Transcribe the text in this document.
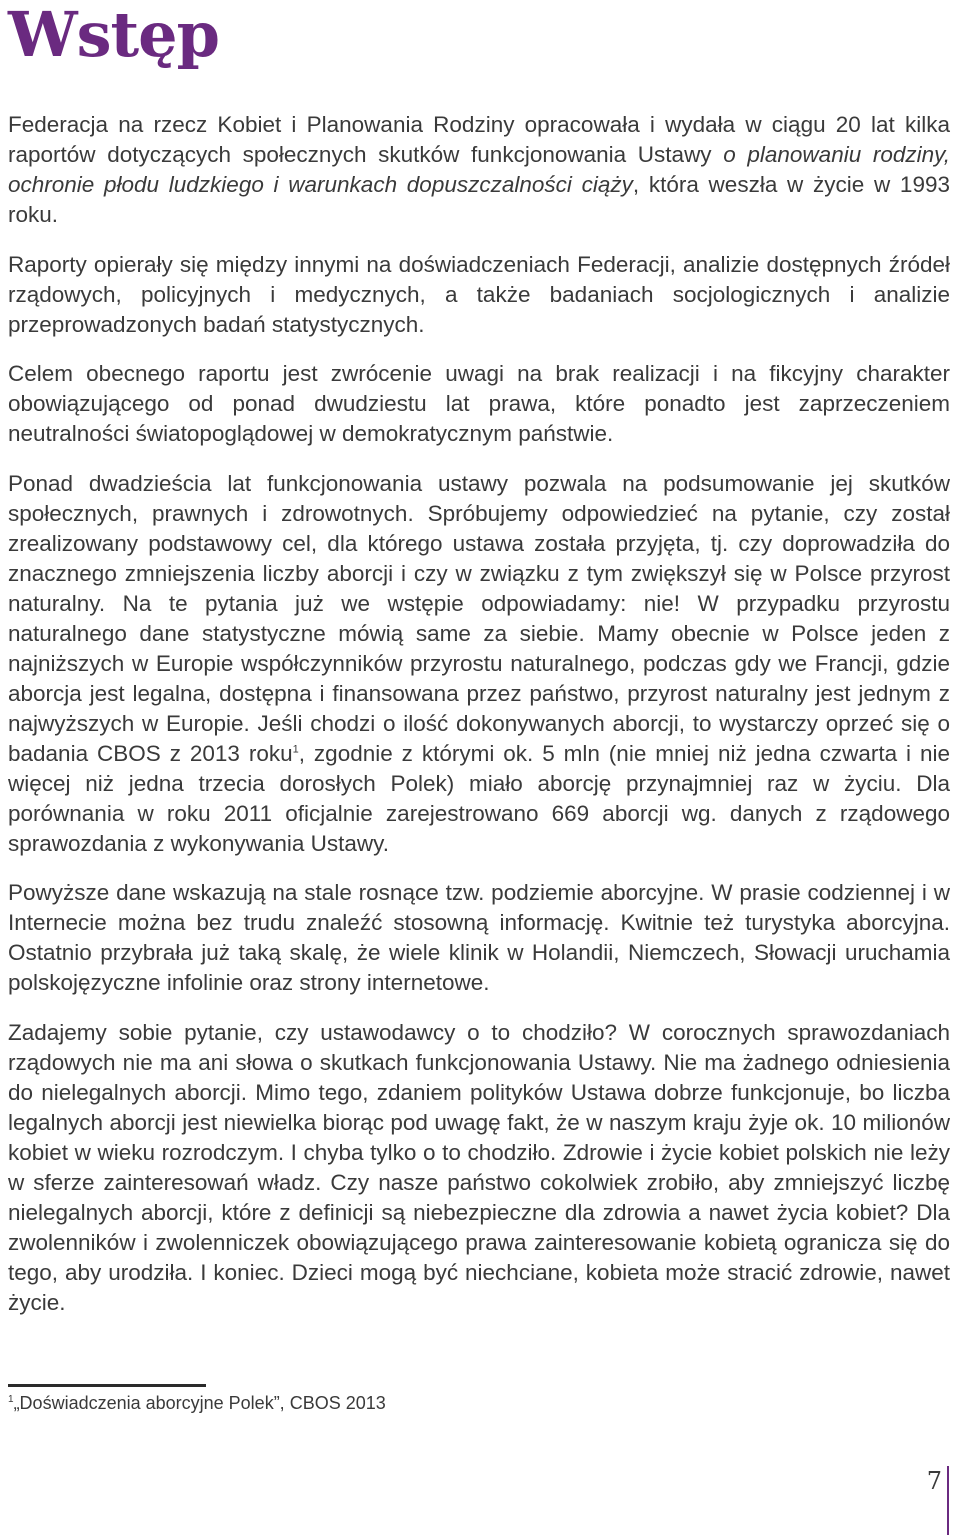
Wstęp

Federacja na rzecz Kobiet i Planowania Rodziny opracowała i wydała w ciągu 20 lat kilka raportów dotyczących społecznych skutków funkcjonowania Ustawy o planowaniu rodziny, ochronie płodu ludzkiego i warunkach dopuszczalności ciąży, która weszła w życie w 1993 roku.

Raporty opierały się między innymi na doświadczeniach Federacji, analizie dostępnych źródeł rządowych, policyjnych i medycznych, a także badaniach socjologicznych i analizie przeprowadzonych badań statystycznych.

Celem obecnego raportu jest zwrócenie uwagi na brak realizacji i na fikcyjny charakter obowiązującego od ponad dwudziestu lat prawa, które ponadto jest zaprzeczeniem neutralności światopoglądowej w demokratycznym państwie.

Ponad dwadzieścia lat funkcjonowania ustawy pozwala na podsumowanie jej skutków społecznych, prawnych i zdrowotnych. Spróbujemy odpowiedzieć na pytanie, czy został zrealizowany podstawowy cel, dla którego ustawa została przyjęta, tj. czy doprowadziła do znacznego zmniejszenia liczby aborcji i czy w związku z tym zwiększył się w Polsce przyrost naturalny. Na te pytania już we wstępie odpowiadamy: nie! W przypadku przyrostu naturalnego dane statystyczne mówią same za siebie. Mamy obecnie w Polsce jeden z najniższych w Europie współczynników przyrostu naturalnego, podczas gdy we Francji, gdzie aborcja jest legalna, dostępna i finansowana przez państwo, przyrost naturalny jest jednym z najwyższych w Europie. Jeśli chodzi o ilość dokonywanych aborcji, to wystarczy oprzeć się o badania CBOS z 2013 roku$^1$, zgodnie z którymi ok. 5 mln (nie mniej niż jedna czwarta i nie więcej niż jedna trzecia dorosłych Polek) miało aborcję przynajmniej raz w życiu. Dla porównania w roku 2011 oficjalnie zarejestrowano 669 aborcji wg. danych z rządowego sprawozdania z wykonywania Ustawy.

Powyższe dane wskazują na stale rosnące tzw. podziemie aborcyjne. W prasie codziennej i w Internecie można bez trudu znaleźć stosowną informację. Kwitnie też turystyka aborcyjna. Ostatnio przybrała już taką skalę, że wiele klinik w Holandii, Niemczech, Słowacji uruchamia polskojęzyczne infolinie oraz strony internetowe.

Zadajemy sobie pytanie, czy ustawodawcy o to chodziło? W corocznych sprawozdaniach rządowych nie ma ani słowa o skutkach funkcjonowania Ustawy. Nie ma żadnego odniesienia do nielegalnych aborcji. Mimo tego, zdaniem polityków Ustawa dobrze funkcjonuje, bo liczba legalnych aborcji jest niewielka biorąc pod uwagę fakt, że w naszym kraju żyje ok. 10 milionów kobiet w wieku rozrodczym. I chyba tylko o to chodziło. Zdrowie i życie kobiet polskich nie leży w sferze zainteresowań władz. Czy nasze państwo cokolwiek zrobiło, aby zmniejszyć liczbę nielegalnych aborcji, które z definicji są niebezpieczne dla zdrowia a nawet życia kobiet? Dla zwolenników i zwolenniczek obowiązującego prawa zainteresowanie kobietą ogranicza się do tego, aby urodziła. I koniec. Dzieci mogą być niechciane, kobieta może stracić zdrowie, nawet życie.

$^1$„Doświadczenia aborcyjne Polek”, CBOS 2013
7
